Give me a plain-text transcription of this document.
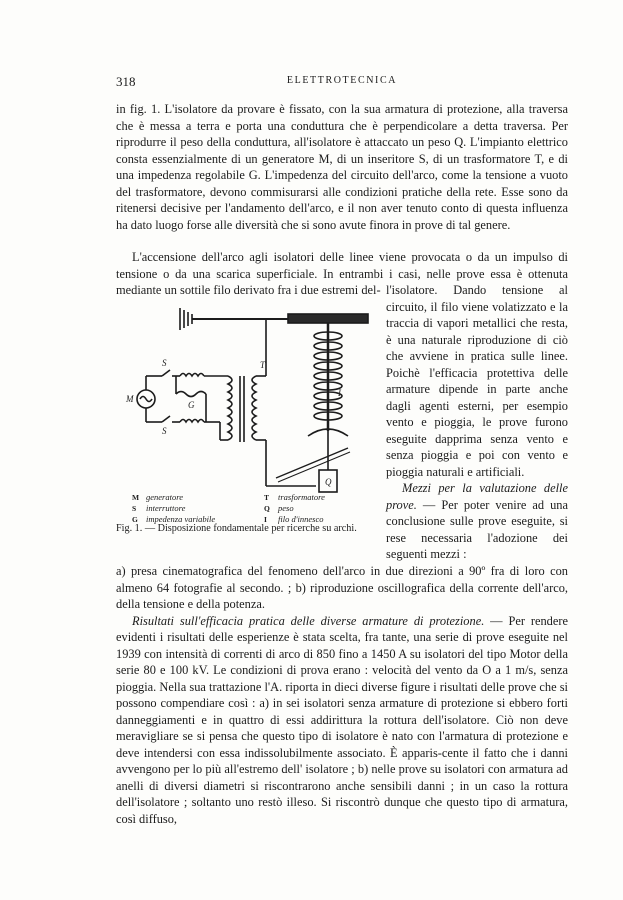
318	ELETTROTECNICA

in fig. 1. L'isolatore da provare è fissato, con la sua armatura di protezione, alla traversa che è messa a terra e porta una conduttura che è perpendicolare a detta traversa. Per riprodurre il peso della conduttura, all'isolatore è attaccato un peso Q. L'impianto elettrico consta essenzialmente di un generatore M, di un inseritore S, di un trasformatore T, e di una impedenza regolabile G. L'impedenza del circuito dell'arco, come la tensione a vuoto del trasformatore, devono commisurarsi alle condizioni pratiche della rete. Esse sono da ritenersi decisive per l'andamento dell'arco, e il non aver tenuto conto di questa influenza ha dato luogo forse alle diversità che si sono avute finora in prove di tal genere.

L'accensione dell'arco agli isolatori delle linee viene provocata o da un impulso di tensione o da una scarica superficiale. In entrambi i casi, nelle prove essa è ottenuta mediante un sottile filo derivato fra i due estremi del- l'isolatore. Dando tensione al circuito, il filo viene volatizzato e la traccia di vapori metallici che resta, è una naturale riproduzione di ciò che avviene in pratica sulle linee. Poichè l'efficacia protettiva delle armature dipende in parte anche dagli agenti esterni, per esempio vento e pioggia, le prove furono eseguite dapprima senza vento e senza pioggia e poi con vento e pioggia naturali e artificiali.

Mezzi per la valutazione delle prove. — Per poter venire ad una conclusione sulle prove eseguite, si rese necessaria l'adozione dei seguenti mezzi :

M
S
S
G
T
I
Q
M generatore
S interruttore
G impedenza variabile
T trasformatore
Q peso
I filo d'innesco
Fig. 1. — Disposizione fondamentale per ricerche su archi.

a) presa cinematografica del fenomeno dell'arco in due direzioni a 90º fra di loro con almeno 64 fotografie al secondo. ; b) riproduzione oscillografica della corrente dell'arco, della tensione e della potenza.

Risultati sull'efficacia pratica delle diverse armature di protezione. — Per rendere evidenti i risultati delle esperienze è stata scelta, fra tante, una serie di prove eseguite nel 1939 con intensità di correnti di arco di 850 fino a 1450 A su isolatori del tipo Motor della serie 80 e 100 kV. Le condizioni di prova erano : velocità del vento da O a 1 m/s, senza pioggia. Nella sua trattazione l'A. riporta in dieci diverse figure i risultati delle prove che si possono compendiare così : a) in sei isolatori senza armature di protezione si ebbero forti danneggiamenti e in quattro di essi addirittura la rottura dell'isolatore. Ciò non deve meravigliare se si pensa che questo tipo di isolatore è nato con l'armatura di protezione e deve intendersi con essa indissolubilmente associato. È apparis-cente il fatto che i danni avvengono per lo più all'estremo dell' isolatore ; b) nelle prove su isolatori con armatura ad anelli di diversi diametri si riscontrarono anche sensibili danni ; in un caso la rottura dell'isolatore ; soltanto uno restò illeso. Si riscontrò dunque che questo tipo di armatura, così diffuso,
